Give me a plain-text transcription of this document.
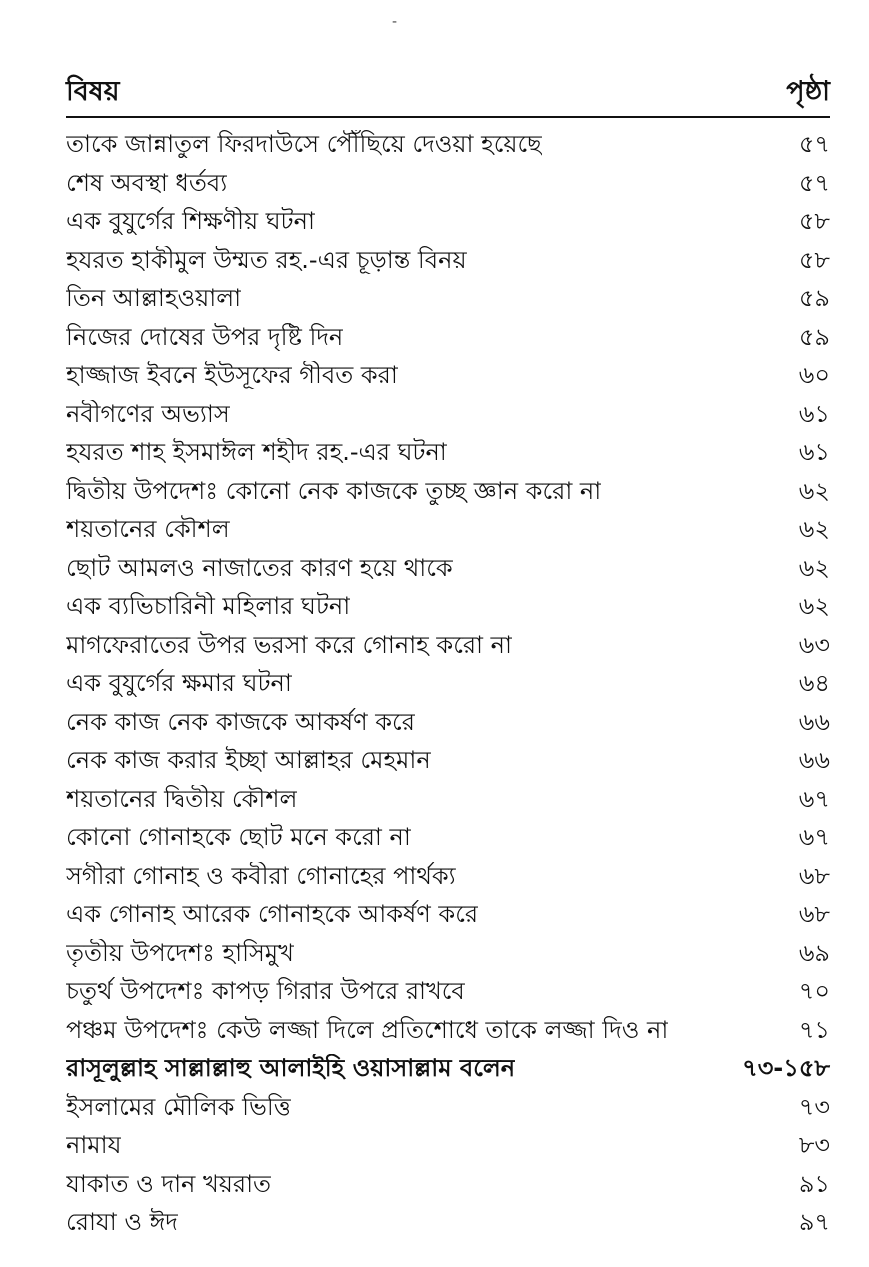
-
বিষয়	পৃষ্ঠা
তাকে জান্নাতুল ফিরদাউসে পৌঁছিয়ে দেওয়া হয়েছে	৫৭
শেষ অবস্থা ধর্তব্য	৫৭
এক বুযুর্গের শিক্ষণীয় ঘটনা	৫৮
হযরত হাকীমুল উম্মত রহ.-এর চূড়ান্ত বিনয়	৫৮
তিন আল্লাহওয়ালা	৫৯
নিজের দোষের উপর দৃষ্টি দিন	৫৯
হাজ্জাজ ইবনে ইউসূফের গীবত করা	৬০
নবীগণের অভ্যাস	৬১
হযরত শাহ ইসমাঈল শহীদ রহ.-এর ঘটনা	৬১
দ্বিতীয় উপদেশঃ কোনো নেক কাজকে তুচ্ছ জ্ঞান করো না	৬২
শয়তানের কৌশল	৬২
ছোট আমলও নাজাতের কারণ হয়ে থাকে	৬২
এক ব্যভিচারিনী মহিলার ঘটনা	৬২
মাগফেরাতের উপর ভরসা করে গোনাহ করো না	৬৩
এক বুযুর্গের ক্ষমার ঘটনা	৬৪
নেক কাজ নেক কাজকে আকর্ষণ করে	৬৬
নেক কাজ করার ইচ্ছা আল্লাহর মেহমান	৬৬
শয়তানের দ্বিতীয় কৌশল	৬৭
কোনো গোনাহকে ছোট মনে করো না	৬৭
সগীরা গোনাহ ও কবীরা গোনাহের পার্থক্য	৬৮
এক গোনাহ আরেক গোনাহকে আকর্ষণ করে	৬৮
তৃতীয় উপদেশঃ হাসিমুখ	৬৯
চতুর্থ উপদেশঃ কাপড় গিরার উপরে রাখবে	৭০
পঞ্চম উপদেশঃ কেউ লজ্জা দিলে প্রতিশোধে তাকে লজ্জা দিও না	৭১
রাসূলুল্লাহ সাল্লাল্লাহু আলাইহি ওয়াসাল্লাম বলেন	৭৩-১৫৮
ইসলামের মৌলিক ভিত্তি	৭৩
নামায	৮৩
যাকাত ও দান খয়রাত	৯১
রোযা ও ঈদ	৯৭
